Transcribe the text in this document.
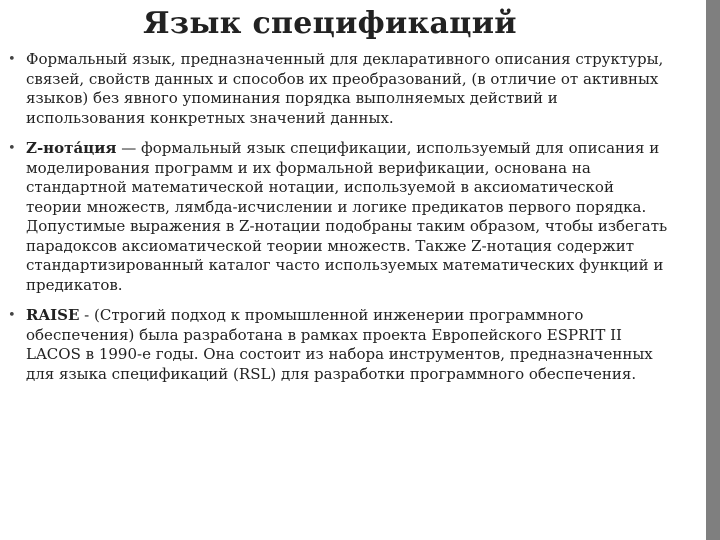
Язык спецификаций
• Формальный язык, предназначенный для декларативного описания структуры, связей, свойств данных и способов их преобразований, (в отличие от активных языков) без явного упоминания порядка выполняемых действий и использования конкретных значений данных.
• Z-нота́ция — формальный язык спецификации, используемый для описания и моделирования программ и их формальной верификации, основана на стандартной математической нотации, используемой в аксиоматической теории множеств, лямбда-исчислении и логике предикатов первого порядка. Допустимые выражения в Z-нотации подобраны таким образом, чтобы избегать парадоксов аксиоматической теории множеств. Также Z-нотация содержит стандартизированный каталог часто используемых математических функций и предикатов.
• RAISE - (Строгий подход к промышленной инженерии программного обеспечения) была разработана в рамках проекта Европейского ESPRIT II LACOS в 1990-е годы. Она состоит из набора инструментов, предназначенных для языка спецификаций (RSL) для разработки программного обеспечения.
